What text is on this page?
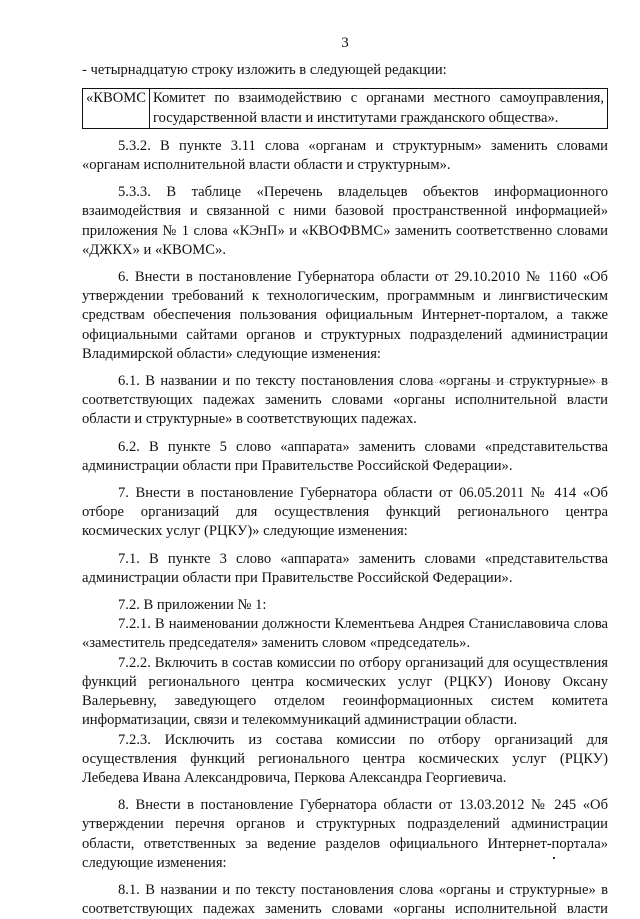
3

- четырнадцатую строку изложить в следующей редакции:

«КВОМС	Комитет по взаимодействию с органами местного самоуправления, государственной власти и институтами гражданского общества».

5.3.2. В пункте 3.11 слова «органам и структурным» заменить словами «органам исполнительной власти области и структурным».

5.3.3. В таблице «Перечень владельцев объектов информационного взаимодействия и связанной с ними базовой пространственной информацией» приложения № 1 слова «КЭнП» и «КВОФВМС» заменить соответственно словами «ДЖКХ» и «КВОМС».

6. Внести в постановление Губернатора области от 29.10.2010 № 1160 «Об утверждении требований к технологическим, программным и лингвистическим средствам обеспечения пользования официальным Интернет-порталом, а также официальными сайтами органов и структурных подразделений администрации Владимирской области» следующие изменения:

6.1. В названии и по тексту постановления слова «органы и структурные» в соответствующих падежах заменить словами «органы исполнительной власти области и структурные» в соответствующих падежах.

6.2. В пункте 5 слово «аппарата» заменить словами «представительства администрации области при Правительстве Российской Федерации».

7. Внести в постановление Губернатора области от 06.05.2011 № 414 «Об отборе организаций для осуществления функций регионального центра космических услуг (РЦКУ)» следующие изменения:

7.1. В пункте 3 слово «аппарата» заменить словами «представительства администрации области при Правительстве Российской Федерации».

7.2. В приложении № 1:

7.2.1. В наименовании должности Клементьева Андрея Станиславовича слова «заместитель председателя» заменить словом «председатель».

7.2.2. Включить в состав комиссии по отбору организаций для осуществления функций регионального центра космических услуг (РЦКУ) Ионову Оксану Валерьевну, заведующего отделом геоинформационных систем комитета информатизации, связи и телекоммуникаций администрации области.

7.2.3. Исключить из состава комиссии по отбору организаций для осуществления функций регионального центра космических услуг (РЦКУ) Лебедева Ивана Александровича, Перкова Александра Георгиевича.

8. Внести в постановление Губернатора области от 13.03.2012 № 245 «Об утверждении перечня органов и структурных подразделений администрации области, ответственных за ведение разделов официального Интернет-портала» следующие изменения:

8.1. В названии и по тексту постановления слова «органы и структурные» в соответствующих падежах заменить словами «органы исполнительной власти
